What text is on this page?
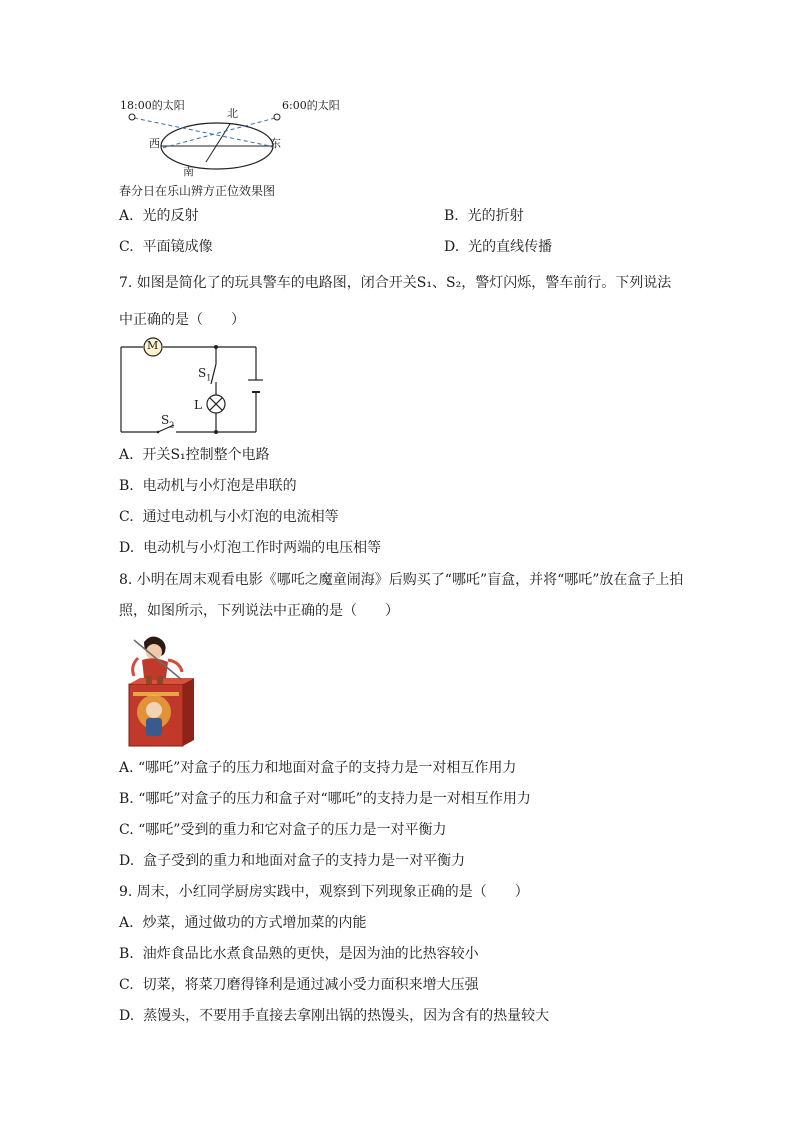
18:00的太阳	6:00的太阳
北
西	东
南
春分日在乐山辨方正位效果图
A. 光的反射	B. 光的折射
C. 平面镜成像	D. 光的直线传播
7. 如图是简化了的玩具警车的电路图，闭合开关S₁、S₂，警灯闪烁，警车前行。下列说法
中正确的是（　　）
M
$S_1$
L
$S_2$
A. 开关S₁控制整个电路
B. 电动机与小灯泡是串联的
C. 通过电动机与小灯泡的电流相等
D. 电动机与小灯泡工作时两端的电压相等
8. 小明在周末观看电影《哪吒之魔童闹海》后购买了“哪吒”盲盒，并将“哪吒”放在盒子上拍
照，如图所示，下列说法中正确的是（　　）
A. “哪吒”对盒子的压力和地面对盒子的支持力是一对相互作用力
B. “哪吒”对盒子的压力和盒子对“哪吒”的支持力是一对相互作用力
C. “哪吒”受到的重力和它对盒子的压力是一对平衡力
D. 盒子受到的重力和地面对盒子的支持力是一对平衡力
9. 周末，小红同学厨房实践中，观察到下列现象正确的是（　　）
A. 炒菜，通过做功的方式增加菜的内能
B. 油炸食品比水煮食品熟的更快，是因为油的比热容较小
C. 切菜，将菜刀磨得锋利是通过减小受力面积来增大压强
D. 蒸馒头，不要用手直接去拿刚出锅的热馒头，因为含有的热量较大
